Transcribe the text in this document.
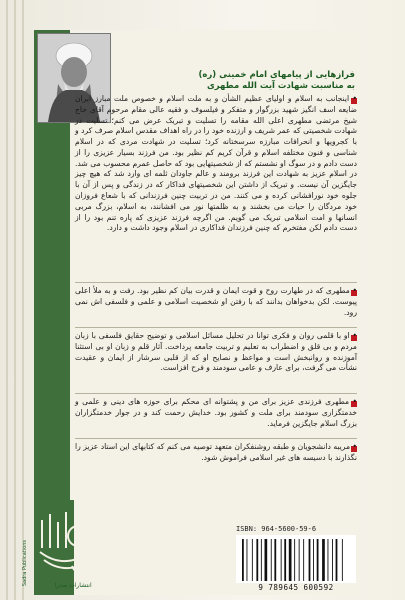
فرازهایی از پیامهای امام خمینی (ره)
به مناسبت شهادت آیت الله مطهری
• اینجانب به اسلام و اولیای عظیم الشأن و به ملت اسلام و خصوص ملت مبارز ایران ضایعه اسف انگیز شهید بزرگوار و متفکر و فیلسوف و فقیه عالی مقام مرحوم آقای حاج شیخ مرتضی مطهری اعلی الله مقامه را تسلیت و تبریک عرض می کنم؛ تسلیت در شهادت شخصیتی که عمر شریف و ارزنده خود را در راه اهداف مقدس اسلام صرف کرد و با کجرویها و انحرافات مبارزه سرسختانه کرد؛ تسلیت در شهادت مردی که در اسلام شناسی و فنون مختلفه اسلام و قرآن کریم کم نظیر بود. من فرزند بسیار عزیزی را از دست دادم و در سوگ او نشستم که از شخصیتهایی بود که حاصل عمرم محسوب می شد. در اسلام عزیز به شهادت این فرزند برومند و عالم جاودان ثلمه ای وارد شد که هیچ چیز جایگزین آن نیست. و تبریک از داشتن این شخصیتهای فداکار که در زندگی و پس از آن با جلوه خود نورافشانی کرده و می کنند. من در تربیت چنین فرزندانی که با شعاع فروزان خود مردگان را حیات می بخشند و به ظلمتها نور می افشانند، به اسلام، بزرگ مربی انسانها و امت اسلامی تبریک می گویم. من اگرچه فرزند عزیزی که پاره تنم بود را از دست دادم لکن مفتخرم که چنین فرزندان فداکاری در اسلام وجود داشت و دارد.
• مطهری که در طهارت روح و قوت ایمان و قدرت بیان کم نظیر بود. رفت و به ملأ اعلی پیوست. لکن بدخواهان بدانند که با رفتن او شخصیت اسلامی و علمی و فلسفی اش نمی رود.
• او با قلمی روان و فکری توانا در تحلیل مسائل اسلامی و توضیح حقایق فلسفی با زبان مردم و بی قلق و اضطراب به تعلیم و تربیت جامعه پرداخت. آثار قلم و زبان او بی استثنا آموزنده و روانبخش است و مواعظ و نصایح او که از قلبی سرشار از ایمان و عقیدت نشأت می گرفت، برای عارف و عامی سودمند و فرح افزاست.
• مطهری فرزندی عزیز برای من و پشتوانه ای محکم برای حوزه های دینی و علمی و خدمتگزاری سودمند برای ملت و کشور بود. خدایش رحمت کند و در جوار خدمتگزاران بزرگ اسلام جایگزین فرماید.
• مریبه دانشجویان و طبقه روشنفکران متعهد توصیه می کنم که کتابهای این استاد عزیز را نگذارند با دسیسه های غیر اسلامی فراموش شود.
Sadra Publications	انتشارات صدرا
ISBN: 964-5600-59-6
9 789645 600592
